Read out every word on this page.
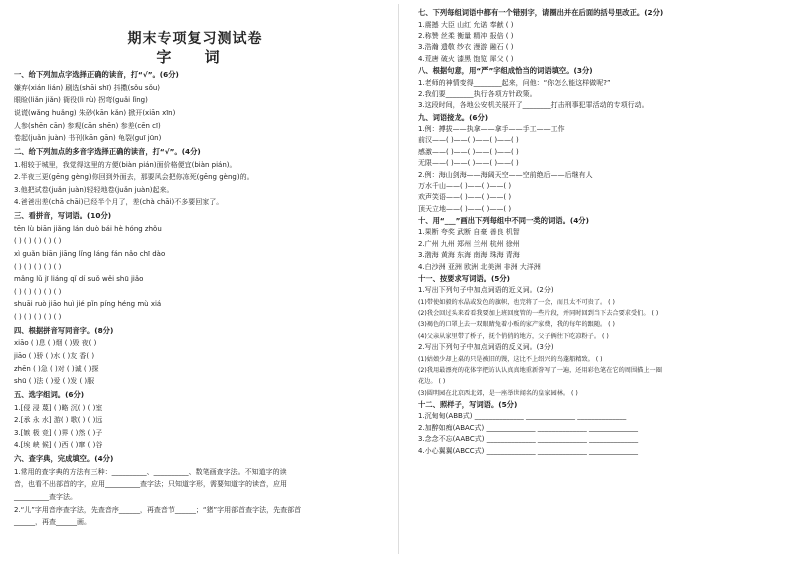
期末专项复习测试卷
字 词
一、给下列加点字选择正确的读音，打“√”。(6分)
嫌弃(xián lián) 刷选(shāi shī) 抖擞(sǒu sǒu)
眼睑(liǎn jiǎn) 衙役(lì rù) 拐弯(guǎi lǐng)
说谎(wǎng huǎng) 朱砂(kān kǎn) 掀开(xiān xīn)
人参(shēn cān) 参观(cān shēn) 参差(cēn cī)
卷起(juǎn juàn) 书刊(kān gān) 龟裂(guī jūn)
二、给下列加点的多音字选择正确的读音，打“√”。(4分)
1.相较于城里，我觉得这里的方便(biàn pián)面价格便宜(biàn pián)。
2.半夜三更(gēng gèng)你回到外面去，那要风会把你冻死(gēng gèng)的。
3.他把试卷(juǎn juàn)轻轻地卷(juǎn juàn)起来。
4.爸爸出差(chā chāi)已经半个月了，差(chà chāi)不多要回家了。
三、看拼音，写词语。(10分)
tēn lù biān jiǎng lán duò bái hè hóng zhǒu
( ) ( ) ( ) ( ) ( )
xì guǎn biān jiāng lǐng láng fán nǎo chī dào
( ) ( ) ( ) ( ) ( )
mǎng lǔ jī liáng qǐ dí suǒ wěi shū jiǎo
( ) ( ) ( ) ( ) ( )
shuāi ruò jiāo huì jié pǐn píng héng mù xiá
( ) ( ) ( ) ( ) ( )
四、根据拼音写同音字。(8分)
xiāo ( )息 ( )烟 ( )毁 夜( )
jiāo ( )骄 ( )水 ( )友 香( )
zhēn ( )急 ( )对 ( )诚 ( )探
shū ( )法 ( )爱 ( )发 ( )服
五、选字组词。(6分)
1.[侵 浸 蔑] ( )略 沉( ) ( )室
2.[承 永 水] 游( ) 歌( ) ( )远
3.[嫉 极 竞] ( )界 ( )然 ( )子
4.[埃 峡 候] ( )西 ( )窜 ( )谷
六、查字典，完成填空。(4分)
1.常用的查字典的方法有三种：__________、__________、数笔画查字法。不知道字的读
音，也看不出部首的字，应用__________查字法；只知道字形，需要知道字的读音，应用
__________查字法。
2.“儿”字用音序查字法，先查音序______，再查音节______；“猪”字用部首查字法，先查部首
______，再查______画。
七、下列每组词语中都有一个错别字，请圈出并在后面的括号里改正。(2分)
1.震撼 大臣 山红 允诺 奉献 ( )
2.称赞 丝柔 衡量 精冲 报倍 ( )
3.浩瀚 遗敬 纱衣 漫游 融石 ( )
4.荒唐 破火 漆黑 饱览 犀父 ( )
八、根据句意，用“严”字组成恰当的词语填空。(3分)
1.老师的神情变得________起来，问他：“你怎么能这样做呢?”
2.我们要________执行各项方针政策。
3.这段时间，各地公安机关展开了________打击刑事犯罪活动的专项行动。
九、词语接龙。(6分)
1.例：搏拔——执拿——拿手——手工——工作
前汉——( )——( )——( )——( )
感激——( )——( )——( )——( )
无限——( )——( )——( )——( )
2.例：海山剑海——海阔天空——空前绝后——后继有人
万水千山——( )——( )——( )
欢声笑语——( )——( )——( )
顶天立地——( )——( )——( )
十、用“___”画出下列每组中不同一类的词语。(4分)
1.果断 夸奖 武断 自豪 善良 机智
2.广州 九州 郑州 兰州 杭州 徐州
3.渤海 黄海 东海 南海 珠海 青海
4.白沙洲 亚洲 欧洲 北美洲 非洲 大洋洲
十一、按要求写词语。(5分)
1.写出下列句子中加点词语的近义词。(2分)
(1)带使如毅的水晶或发色的旗帜，也完将了一会，而且太不可贵了。 ( )
(2)我会回过头来看看我要加上班回度管的一些片段，并同时回到当下去合要求受们。 ( )
(3)褐色的口罩上去一双眼睛兔着小贩的家产家费，我的每年的跟随。 ( )
(4)父亲从家里带了桥子，抚个俏俏的地方，父子俩往下吃凉粉子。 ( )
2.写出下列句子中加点词语的反义词。(3分)
(1)姑娘少却上桌的只是被旧的馒，这比不上绍兴的鸟蓬船精致。 ( )
(2)我用最漂亮的花体字把访认认真真地重新誊写了一遍，还用彩色笔在它的周围描上一圈
花边。 ( )
(3)圆明园在北京西北郊，是一座举世闻名的皇家园林。 ( )
十二、照样子，写词语。(5分)
1.沉甸甸(ABB式) ______________ ______________ ______________
2.加醉如痴(ABAC式) ______________ ______________ ______________
3.念念不忘(AABC式) ______________ ______________ ______________
4.小心翼翼(ABCC式) ______________ ______________ ______________
